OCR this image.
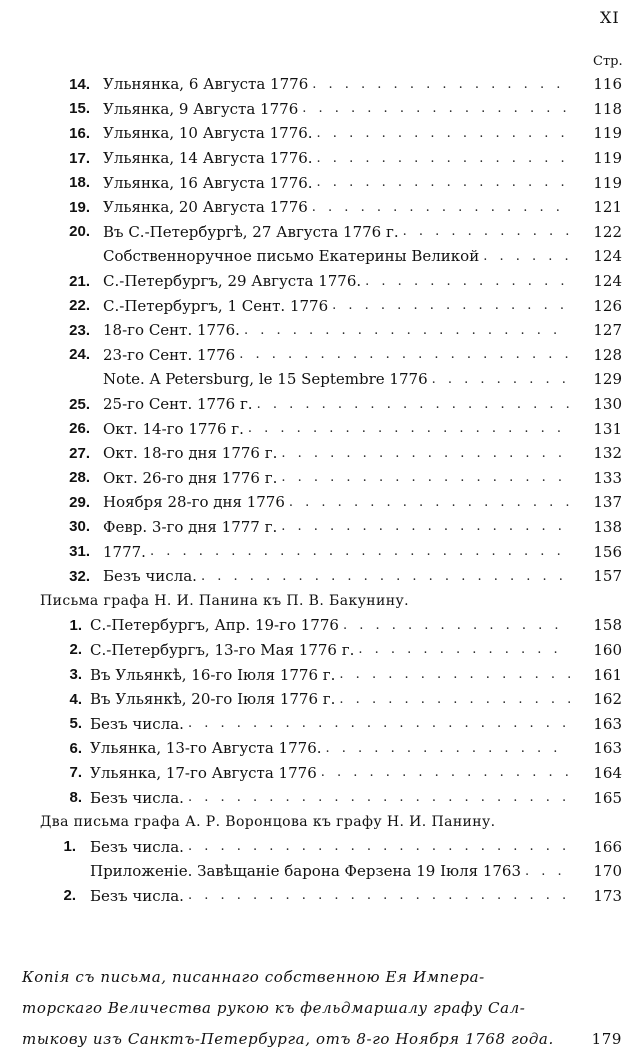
XI
Стр.
14. Ульнянка, 6 Августа 1776 . . .	116
15. Ульянка, 9 Августа 1776 . . .	118
16. Ульянка, 10 Августа 1776. . . .	119
17. Ульянка, 14 Августа 1776. . . .	119
18. Ульянка, 16 Августа 1776. . . .	119
19. Ульянка, 20 Августа 1776 . . .	121
20. Въ С.-Петербургѣ, 27 Августа 1776 г. . . .	122
Собственноручное письмо Екатерины Великой . . .	124
21. С.-Петербургъ, 29 Августа 1776. . . .	124
22. С.-Петербургъ, 1 Сент. 1776 . . .	126
23. 18-го Сент. 1776. . . .	127
24. 23-го Сент. 1776 . . .	128
Note. A Petersburg, le 15 Septembre 1776 . . .	129
25. 25-го Сент. 1776 г. . . .	130
26. Окт. 14-го 1776 г. . . .	131
27. Окт. 18-го дня 1776 г. . . .	132
28. Окт. 26-го дня 1776 г. . . .	133
29. Ноября 28-го дня 1776 . . .	137
30. Февр. 3-го дня 1777 г. . . .	138
31. 1777. . . .	156
32. Безъ числа. . . .	157
Письма графа Н. И. Панина къ П. В. Бакунину.
1. С.-Петербургъ, Апр. 19-го 1776 . . .	158
2. С.-Петербургъ, 13-го Мая 1776 г. . . .	160
3. Въ Ульянкѣ, 16-го Іюля 1776 г. . . .	161
4. Въ Ульянкѣ, 20-го Іюля 1776 г. . . .	162
5. Безъ числа. . . .	163
6. Ульянка, 13-го Августа 1776. . . .	163
7. Ульянка, 17-го Августа 1776 . . .	164
8. Безъ числа. . . .	165
Два письма графа А. Р. Воронцова къ графу Н. И. Панину.
1. Безъ числа. . . .	166
Приложеніе. Завѣщаніе барона Ферзена 19 Іюля 1763 . . .	170
2. Безъ числа. . . .	173
Копія съ письма, писаннаго собственною Ея Импера-
торскаго Величества рукою къ фельдмаршалу графу Сал-
тыкову изъ Санктъ-Петербурга, отъ 8-го Ноября 1768 года.	179
